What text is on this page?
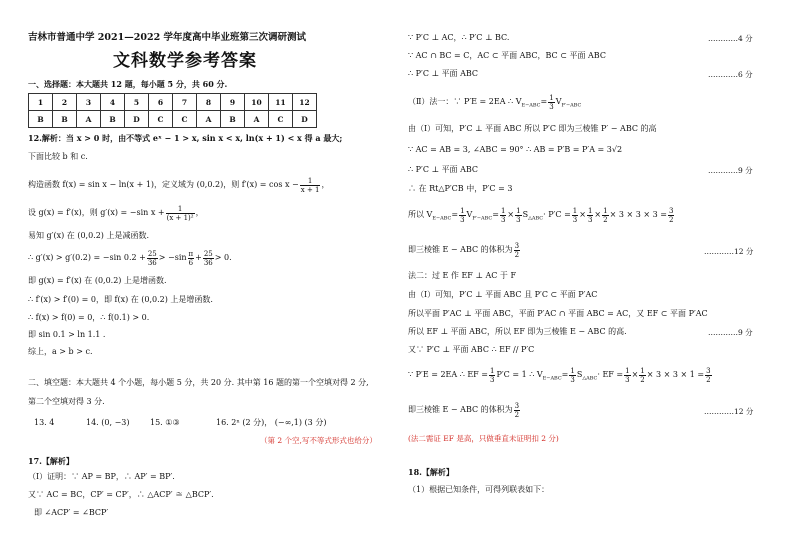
吉林市普通中学 2021—2022 学年度高中毕业班第三次调研测试
文科数学参考答案
一、选择题：本大题共 12 题，每小题 5 分，共 60 分.
1	2	3	4	5	6	7	8	9	10	11	12
B	B	A	B	D	C	C	A	B	A	C	D
12.解析：当 x > 0 时，由不等式 eˣ − 1 > x, sin x < x, ln(x + 1) < x 得 a 最大;
下面比较 b 和 c.
构造函数 f(x) = sin x − ln(x + 1)，定义域为 (0,0.2)，则 $f'(x) = \cos x - \frac{1}{x + 1}$ ，
设 g(x) = f′(x)，则 g′(x) = −sin $x + \frac{1}{\text{(x + 1)²}}$ ，
易知 g′(x) 在 (0,0.2) 上是减函数.
∴ g′(x) > g′(0.2) = −sin $0.2 + \frac{25}{36} > -\sin \frac{\pi}{6} + \frac{25}{36} > 0$.
即 g(x) = f′(x) 在 (0,0.2) 上是增函数.
∴ f′(x) > f′(0) = 0，即 f(x) 在 (0,0.2) 上是增函数.
∴ f(x) > f(0) = 0，∴ f(0.1) > 0.
即 sin 0.1 > ln 1.1 .
综上，a > b > c.
二、填空题：本大题共 4 个小题，每小题 5 分，共 20 分. 其中第 16 题的第一个空填对得 2 分,
第二个空填对得 3 分.
13. 4	14. (0, −3)	15. ①③	16. 2ⁿ (2 分)， (−∞,1) (3 分)
（第 2 个空,写不等式形式也给分）
17.【解析】
（Ⅰ）证明：∵ AP = BP，∴ AP′ = BP′.
又∵ AC = BC，CP′ = CP′，∴ △ACP′ ≅ △BCP′.
即 ∠ACP′ = ∠BCP′
∵ P′C ⊥ AC，∴ P′C ⊥ BC.	…………4 分
∵ AC ∩ BC = C，AC ⊂ 平面 ABC，BC ⊂ 平面 ABC
∴ P′C ⊥ 平面 ABC	…………6 分
（Ⅱ）法一：∵ P′E = 2EA ∴ $V_{E-ABC}= \frac{1}{3} V_{P'-ABC}$
由（Ⅰ）可知，P′C ⊥ 平面 ABC 所以 P′C 即为三棱锥 P′ − ABC 的高
∵ AC = AB = 3, ∠ABC = 90° ∴ AB = P′B = P′A = 3√2
∴ P′C ⊥ 平面 ABC	…………9 分
∴ 在 Rt△P′CB 中，P′C = 3
所以 $V_{E-ABC}= \frac{1}{3} V_{P'-ABC}= \frac{1}{3} \times \frac{1}{3} S_{\triangle ABC}\cdot P'C = \frac{1}{3} \times \frac{1}{3} \times \frac{1}{2} \times 3 \times 3 \times 3 = \frac{3}{2}$
即三棱锥 E − ABC 的体积为 $\frac{3}{2}$	…………12 分
法二：过 E 作 EF ⊥ AC 于 F
由（Ⅰ）可知，P′C ⊥ 平面 ABC 且 P′C ⊂ 平面 P′AC
所以平面 P′AC ⊥ 平面 ABC，平面 P′AC ∩ 平面 ABC = AC，又 EF ⊂ 平面 P′AC
所以 EF ⊥ 平面 ABC，所以 EF 即为三棱锥 E − ABC 的高.	…………9 分
又∵ P′C ⊥ 平面 ABC ∴ EF // P′C
∵ P′E = 2EA ∴ EF = $\frac{1}{3} P'C = 1$ ∴ $V_{E-ABC}= \frac{1}{3} S_{\triangle ABC}\cdot$ EF = $\frac{1}{3} \times \frac{1}{2} \times 3 \times 3 \times 1 = \frac{3}{2}$
即三棱锥 E − ABC 的体积为 $\frac{3}{2}$	…………12 分
(法二需证 EF 是高，只做垂直未证明扣 2 分)
18.【解析】
（1）根据已知条件，可得列联表如下：
